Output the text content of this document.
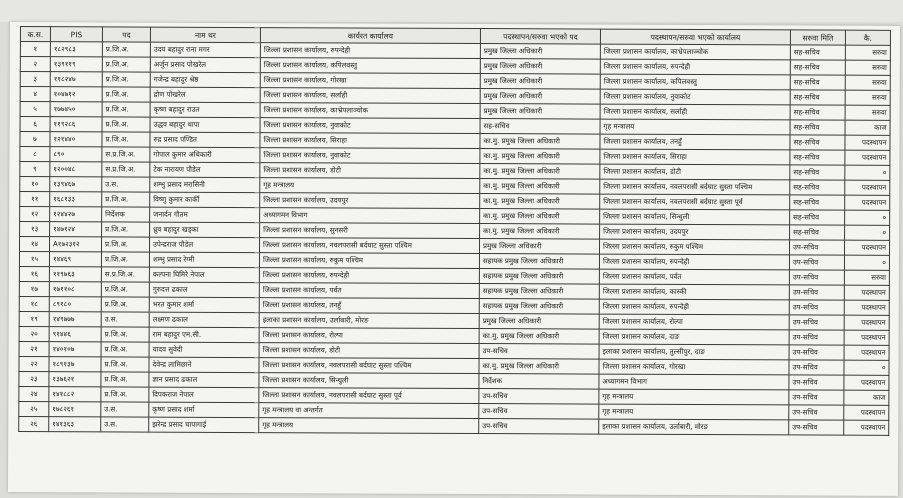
क.स.	PIS	पद	नाम थर	कार्यरत कार्यालय	पदस्थापन/सरुवा भएको पद	पदस्थापन/सरुवा भएको कार्यालय	सरुवा मिति	कै.
१	१८२९८३	प्र.जि.अ.	उदय बहादुर राना मगर	जिल्ला प्रशासन कार्यालय, रुपन्देही	प्रमुख जिल्ला अधिकारी	जिल्ला प्रशासन कार्यालय, काभ्रेपलाञ्चोक	सह-सचिव	सरुवा
२	१३९११९	प्र.जि.अ.	अर्जुन प्रसाद पोखरेल	जिल्ला प्रशासन कार्यालय, कपिलवस्तु	प्रमुख जिल्ला अधिकारी	जिल्ला प्रशासन कार्यालय, रुपन्देही	सह-सचिव	सरुवा
३	११८२४७	प्र.जि.अ.	गजेन्द्र बहादुर श्रेष्ठ	जिल्ला प्रशासन कार्यालय, गोरखा	प्रमुख जिल्ला अधिकारी	जिल्ला प्रशासन कार्यालय, कपिलवस्तु	सह-सचिव	सरुवा
४	१०४७१२	प्र.जि.अ.	द्रोण पोखरेल	जिल्ला प्रशासन कार्यालय, सर्लाही	प्रमुख जिल्ला अधिकारी	जिल्ला प्रशासन कार्यालय, नुवाकोट	सह-सचिव	सरुवा
५	१७७४५०	प्र.जि.अ.	कृष्ण बहादुर राउत	जिल्ला प्रशासन कार्यालय, काभ्रेपलाञ्चोक	प्रमुख जिल्ला अधिकारी	जिल्ला प्रशासन कार्यालय, सर्लाही	सह-सचिव	सरुवा
६	११९२८६	प्र.जि.अ.	उद्धव बहादुर थापा	जिल्ला प्रशासन कार्यालय, नुवाकोट	सह-सचिव	गृह मन्त्रालय	सह-सचिव	काज
७	१२१४४०	प्र.जि.अ.	रुद्र प्रसाद पण्डित	जिल्ला प्रशासन कार्यालय, सिराहा	का.मु. प्रमुख जिल्ला अधिकारी	जिल्ला प्रशासन कार्यालय, तनहुँ	सह-सचिव	पदस्थापन
८	८९०	स.प्र.जि.अ.	गोपाल कुमार अधिकारी	जिल्ला प्रशासन कार्यालय, नुवाकोट	का.मु. प्रमुख जिल्ला अधिकारी	जिल्ला प्रशासन कार्यालय, सिराहा	सह-सचिव	पदस्थापन
९	१२००४८	स.प्र.जि.अ.	टेक नारायण पौडेल	जिल्ला प्रशासन कार्यालय, डोटी	का.मु. प्रमुख जिल्ला अधिकारी	जिल्ला प्रशासन कार्यालय, डोटी	सह-सचिव	०
१०	१३९४६७	उ.स.	शम्भु प्रसाद मरासिनी	गृह मन्त्रालय	का.मु. प्रमुख जिल्ला अधिकारी	जिल्ला प्रशासन कार्यालय, नवलपरासी बर्दघाट सुस्ता पश्चिम	सह-सचिव	पदस्थापन
११	१६८१३३	प्र.जि.अ.	विष्णु कुमार कार्की	जिल्ला प्रशासन कार्यालय, उदयपुर	का.मु. प्रमुख जिल्ला अधिकारी	जिल्ला प्रशासन कार्यालय, नवलपरासी बर्दघाट सुस्ता पूर्व	सह-सचिव	पदस्थापन
१२	१२४४२७	निर्देशक	जनार्दन गौतम	अध्यागमन विभाग	का.मु. प्रमुख जिल्ला अधिकारी	जिल्ला प्रशासन कार्यालय, सिन्धुली	सह-सचिव	०
१३	१४७१२४	प्र.जि.अ.	ध्रुव बहादुर खड्का	जिल्ला प्रशासन कार्यालय, सुनसरी	का.मु. प्रमुख जिल्ला अधिकारी	जिल्ला प्रशासन कार्यालय, उदयपुर	सह-सचिव	०
१४	A१७२३१२	प्र.जि.अ.	उपेन्द्रराज पौडेल	जिल्ला प्रशासन कार्यालय, नवलपरासी बर्दघाट सुस्ता पश्चिम	प्रमुख जिल्ला अधिकारी	जिल्ला प्रशासन कार्यालय, रुकुम पश्चिम	उप-सचिव	पदस्थापन
१५	१४४६९	प्र.जि.अ.	शम्भु प्रसाद रेग्मी	जिल्ला प्रशासन कार्यालय, रुकुम पश्चिम	सहायक प्रमुख जिल्ला अधिकारी	जिल्ला प्रशासन कार्यालय, रुपन्देही	उप-सचिव	०
१६	११९७६३	स.प्र.जि.अ.	कल्पना घिमिरे नेपाल	जिल्ला प्रशासन कार्यालय, रुपन्देही	सहायक प्रमुख जिल्ला अधिकारी	जिल्ला प्रशासन कार्यालय, पर्वत	उप-सचिव	सरुवा
१७	१७११०८	प्र.जि.अ.	गुरुदत्त ढकाल	जिल्ला प्रशासन कार्यालय, पर्वत	सहायक प्रमुख जिल्ला अधिकारी	जिल्ला प्रशासन कार्यालय, कास्की	उप-सचिव	पदस्थापन
१८	८९१८०	प्र.जि.अ.	भरत कुमार शर्मा	जिल्ला प्रशासन कार्यालय, तनहुँ	सहायक प्रमुख जिल्ला अधिकारी	जिल्ला प्रशासन कार्यालय, रुपन्देही	उप-सचिव	पदस्थापन
१९	१४९७७७	उ.स.	लक्ष्मण ढकाल	इलाका प्रशासन कार्यालय, उर्लाबारी, मोरङ	प्रमुख जिल्ला अधिकारी	जिल्ला प्रशासन कार्यालय, रोल्पा	उप-सचिव	पदस्थापन
२०	९१४४६	प्र.जि.अ.	राम बहादुर एम.सी.	जिल्ला प्रशासन कार्यालय, रोल्पा	का.मु. प्रमुख जिल्ला अधिकारी	जिल्ला प्रशासन कार्यालय, दाङ	उप-सचिव	पदस्थापन
२१	१४०१०७	प्र.जि.अ.	यादव सुवेदी	जिल्ला प्रशासन कार्यालय, डोटी	उप-सचिव	इलाका प्रशासन कार्यालय, तुल्सीपुर, दाङ	उप-सचिव	पदस्थापन
२२	१८९१३७	प्र.जि.अ.	देवेन्द्र लामिछाने	जिल्ला प्रशासन कार्यालय, नवलपरासी बर्दघाट सुस्ता पश्चिम	का.मु. प्रमुख जिल्ला अधिकारी	जिल्ला प्रशासन कार्यालय, गोरखा	उप-सचिव	०
२३	१३७६२१	प्र.जि.अ.	ज्ञान प्रसाद ढकाल	जिल्ला प्रशासन कार्यालय, सिन्धुली	निर्देशक	अध्यागमन विभाग	उप-सचिव	पदस्थापन
२४	१४१८८२	प्र.जि.अ.	दिपकराज नेपाल	जिल्ला प्रशासन कार्यालय, नवलपरासी बर्दघाट सुस्ता पूर्व	उप-सचिव	गृह मन्त्रालय	उप-सचिव	काज
२५	१७८२६१	उ.स.	कृष्ण प्रसाद शर्मा	गृह मन्त्रालय वा अन्तर्गत	उप-सचिव	गृह मन्त्रालय	उप-सचिव	पदस्थापन
२६	१४१३६३	उ.स.	झरेन्द्र प्रसाद चापागाई	गृह मन्त्रालय	उप-सचिव	इलाका प्रशासन कार्यालय, उर्लाबारी, मोरङ	उप-सचिव	पदस्थापन
